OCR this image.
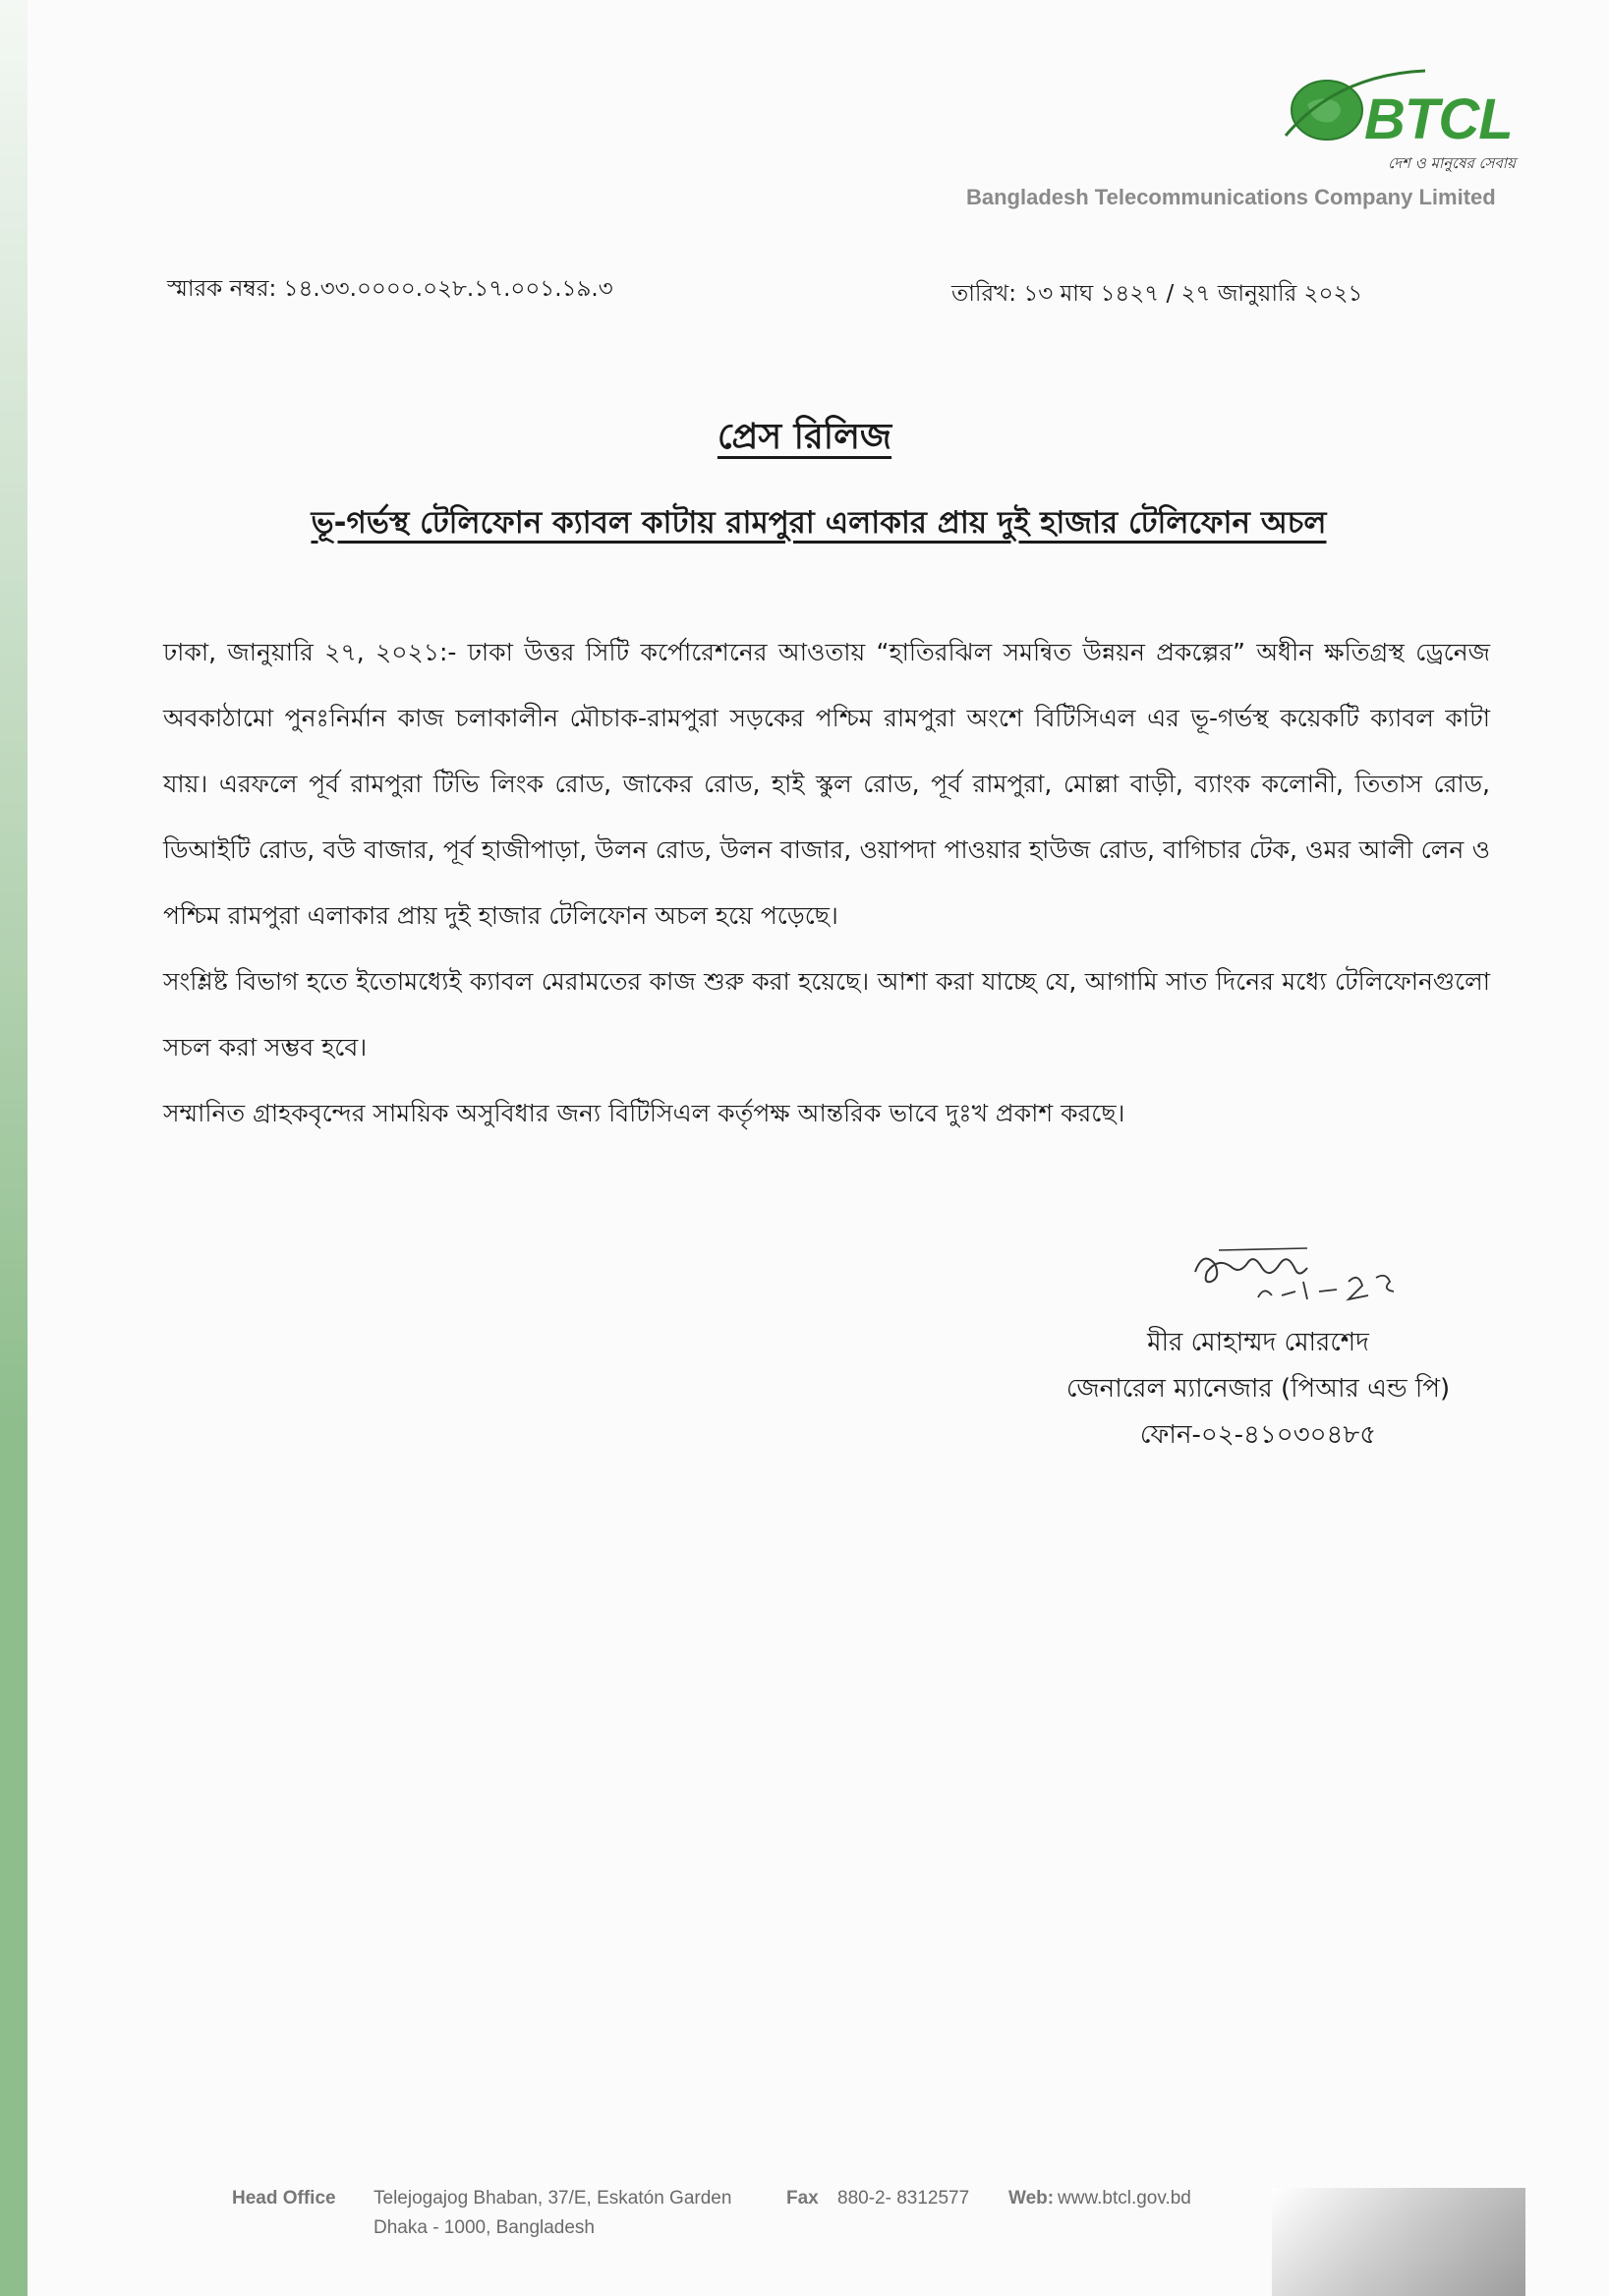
BTCL
দেশ ও মানুষের সেবায়
Bangladesh Telecommunications Company Limited
স্মারক নম্বর: ১৪.৩৩.০০০০.০২৮.১৭.০০১.১৯.৩	তারিখ: ১৩ মাঘ ১৪২৭ / ২৭ জানুয়ারি ২০২১
প্রেস রিলিজ
ভূ-গর্ভস্থ টেলিফোন ক্যাবল কাটায় রামপুরা এলাকার প্রায় দুই হাজার টেলিফোন অচল

ঢাকা, জানুয়ারি ২৭, ২০২১:- ঢাকা উত্তর সিটি কর্পোরেশনের আওতায় “হাতিরঝিল সমন্বিত উন্নয়ন প্রকল্পের” অধীন ক্ষতিগ্রস্থ ড্রেনেজ অবকাঠামো পুনঃনির্মান কাজ চলাকালীন মৌচাক-রামপুরা সড়কের পশ্চিম রামপুরা অংশে বিটিসিএল এর ভূ-গর্ভস্থ কয়েকটি ক্যাবল কাটা যায়। এরফলে পূর্ব রামপুরা টিভি লিংক রোড, জাকের রোড, হাই স্কুল রোড, পূর্ব রামপুরা, মোল্লা বাড়ী, ব্যাংক কলোনী, তিতাস রোড, ডিআইটি রোড, বউ বাজার, পূর্ব হাজীপাড়া, উলন রোড, উলন বাজার, ওয়াপদা পাওয়ার হাউজ রোড, বাগিচার টেক, ওমর আলী লেন ও পশ্চিম রামপুরা এলাকার প্রায় দুই হাজার টেলিফোন অচল হয়ে পড়েছে।

সংশ্লিষ্ট বিভাগ হতে ইতোমধ্যেই ক্যাবল মেরামতের কাজ শুরু করা হয়েছে। আশা করা যাচ্ছে যে, আগামি সাত দিনের মধ্যে টেলিফোনগুলো সচল করা সম্ভব হবে।

সম্মানিত গ্রাহকবৃন্দের সাময়িক অসুবিধার জন্য বিটিসিএল কর্তৃপক্ষ আন্তরিক ভাবে দুঃখ প্রকাশ করছে।

মীর মোহাম্মদ মোরশেদ
জেনারেল ম্যানেজার (পিআর এন্ড পি)
ফোন-০২-৪১০৩০৪৮৫
Head Office Telejogajog Bhaban, 37/E, Eskatón Garden
Dhaka - 1000, Bangladesh
Fax 880-2- 8312577 Web: www.btcl.gov.bd
